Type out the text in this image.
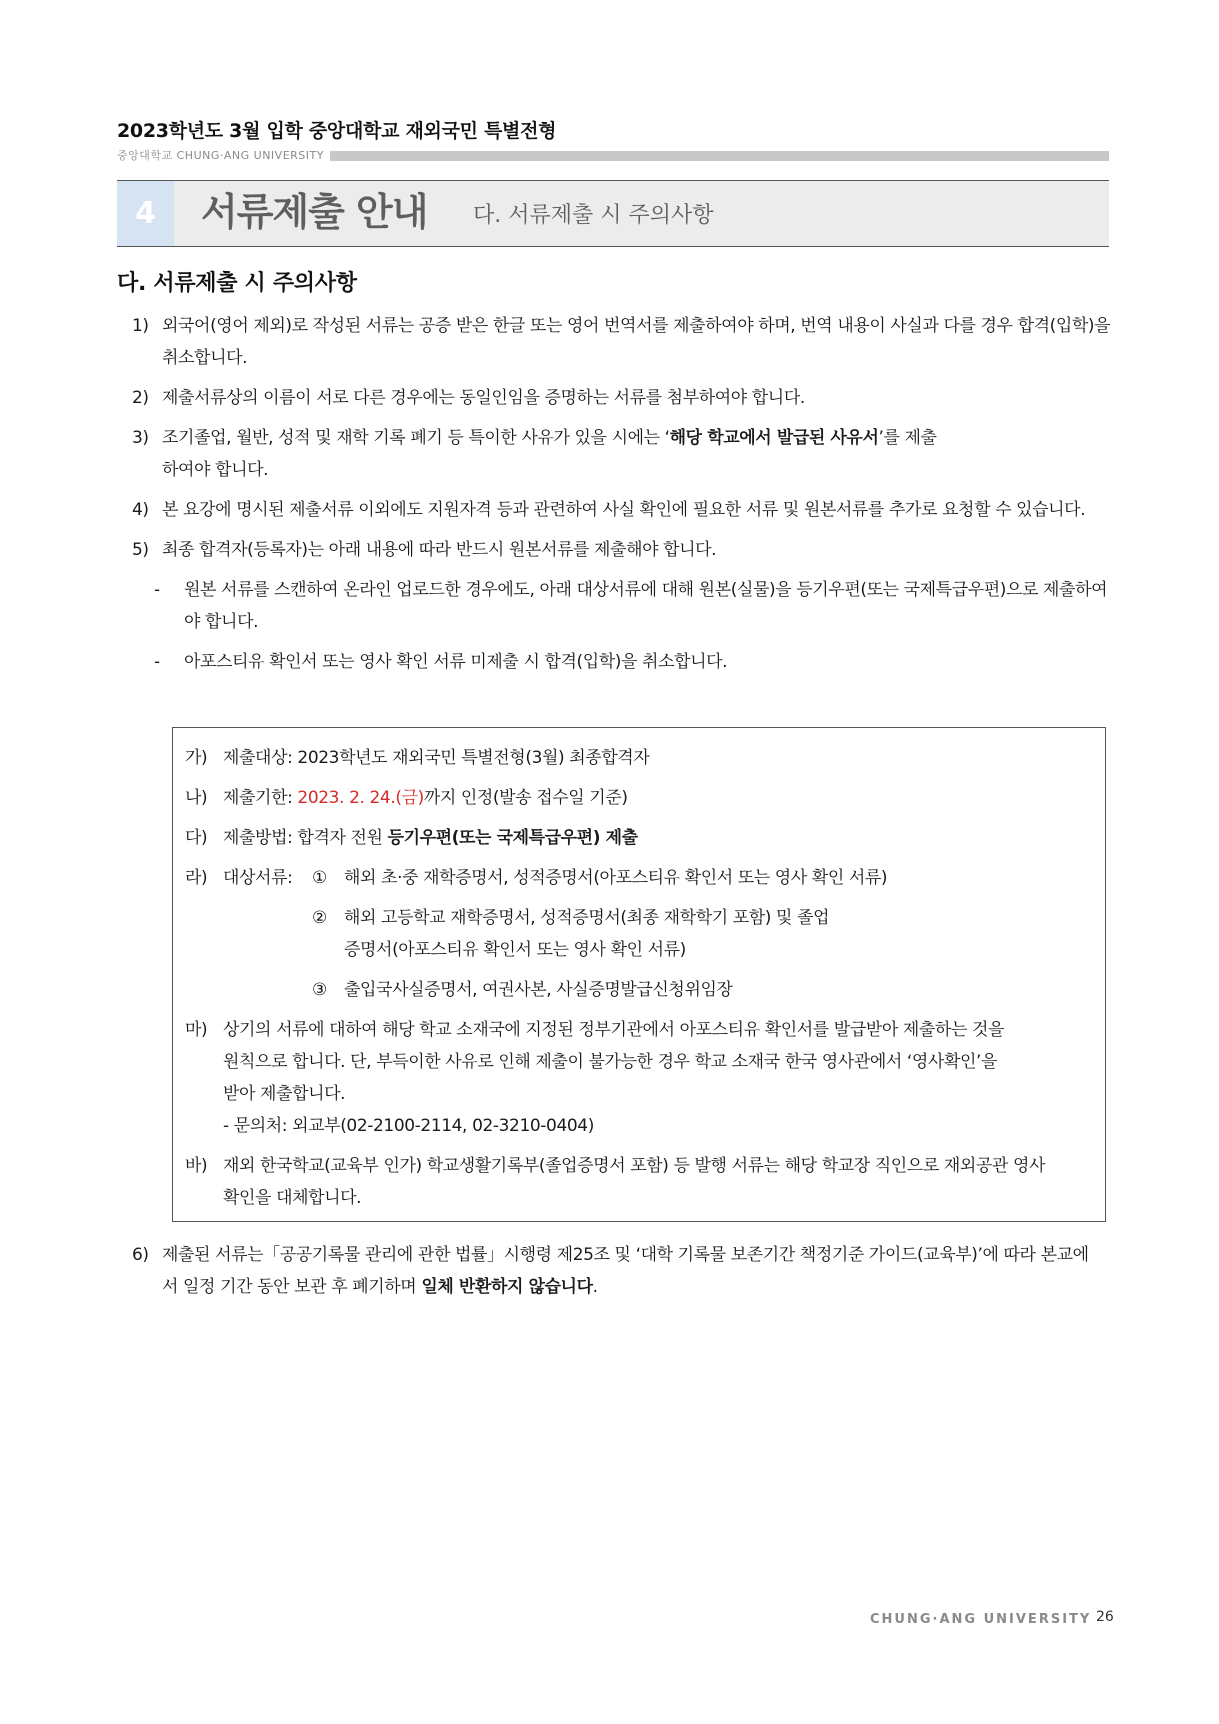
2023학년도 3월 입학 중앙대학교 재외국민 특별전형
중앙대학교 CHUNG·ANG UNIVERSITY
4	서류제출 안내 다. 서류제출 시 주의사항
다. 서류제출 시 주의사항
1) 외국어(영어 제외)로 작성된 서류는 공증 받은 한글 또는 영어 번역서를 제출하여야 하며, 번역 내용이 사실과 다를 경우 합격(입학)을 취소합니다.
2) 제출서류상의 이름이 서로 다른 경우에는 동일인임을 증명하는 서류를 첨부하여야 합니다.
3) 조기졸업, 월반, 성적 및 재학 기록 폐기 등 특이한 사유가 있을 시에는 ‘해당 학교에서 발급된 사유서’를 제출하여야 합니다.
4) 본 요강에 명시된 제출서류 이외에도 지원자격 등과 관련하여 사실 확인에 필요한 서류 및 원본서류를 추가로 요청할 수 있습니다.
5) 최종 합격자(등록자)는 아래 내용에 따라 반드시 원본서류를 제출해야 합니다.
- 원본 서류를 스캔하여 온라인 업로드한 경우에도, 아래 대상서류에 대해 원본(실물)을 등기우편(또는 국제특급우편)으로 제출하여야 합니다.
- 아포스티유 확인서 또는 영사 확인 서류 미제출 시 합격(입학)을 취소합니다.
가) 제출대상: 2023학년도 재외국민 특별전형(3월) 최종합격자
나) 제출기한: 2023. 2. 24.(금)까지 인정(발송 접수일 기준)
다) 제출방법: 합격자 전원 등기우편(또는 국제특급우편) 제출
라) 대상서류: ①	해외 초·중 재학증명서, 성적증명서(아포스티유 확인서 또는 영사 확인 서류)
②	해외 고등학교 재학증명서, 성적증명서(최종 재학학기 포함) 및 졸업증명서(아포스티유 확인서 또는 영사 확인 서류)
③	출입국사실증명서, 여권사본, 사실증명발급신청위임장
마) 상기의 서류에 대하여 해당 학교 소재국에 지정된 정부기관에서 아포스티유 확인서를 발급받아 제출하는 것을 원칙으로 합니다. 단, 부득이한 사유로 인해 제출이 불가능한 경우 학교 소재국 한국 영사관에서 ‘영사확인’을 받아 제출합니다.
- 문의처: 외교부(02-2100-2114, 02-3210-0404)
바) 재외 한국학교(교육부 인가) 학교생활기록부(졸업증명서 포함) 등 발행 서류는 해당 학교장 직인으로 재외공관 영사확인을 대체합니다.
6) 제출된 서류는「공공기록물 관리에 관한 법률」시행령 제25조 및 ‘대학 기록물 보존기간 책정기준 가이드(교육부)’에 따라 본교에서 일정 기간 동안 보관 후 폐기하며 일체 반환하지 않습니다.
CHUNG·ANG UNIVERSITY 26
